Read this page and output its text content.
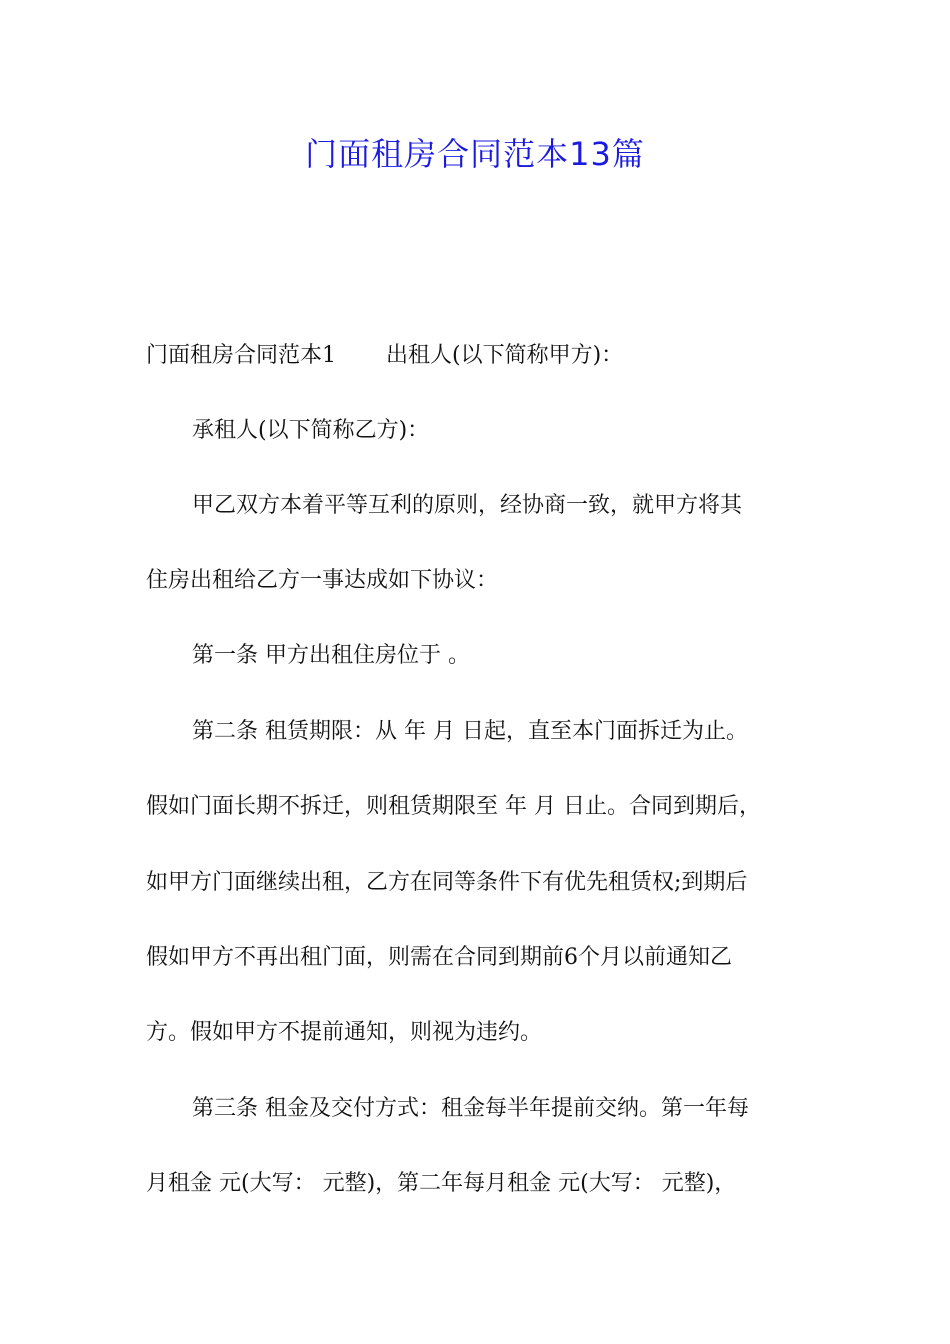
门面租房合同范本13篇
门面租房合同范本1 出租人(以下简称甲方)：
承租人(以下简称乙方)：
甲乙双方本着平等互利的原则，经协商一致，就甲方将其
住房出租给乙方一事达成如下协议：
第一条 甲方出租住房位于 。
第二条 租赁期限：从 年 月 日起，直至本门面拆迁为止。
假如门面长期不拆迁，则租赁期限至 年 月 日止。合同到期后，
如甲方门面继续出租，乙方在同等条件下有优先租赁权;到期后
假如甲方不再出租门面，则需在合同到期前6个月以前通知乙
方。假如甲方不提前通知，则视为违约。
第三条 租金及交付方式：租金每半年提前交纳。第一年每
月租金 元(大写： 元整)，第二年每月租金 元(大写： 元整)，
